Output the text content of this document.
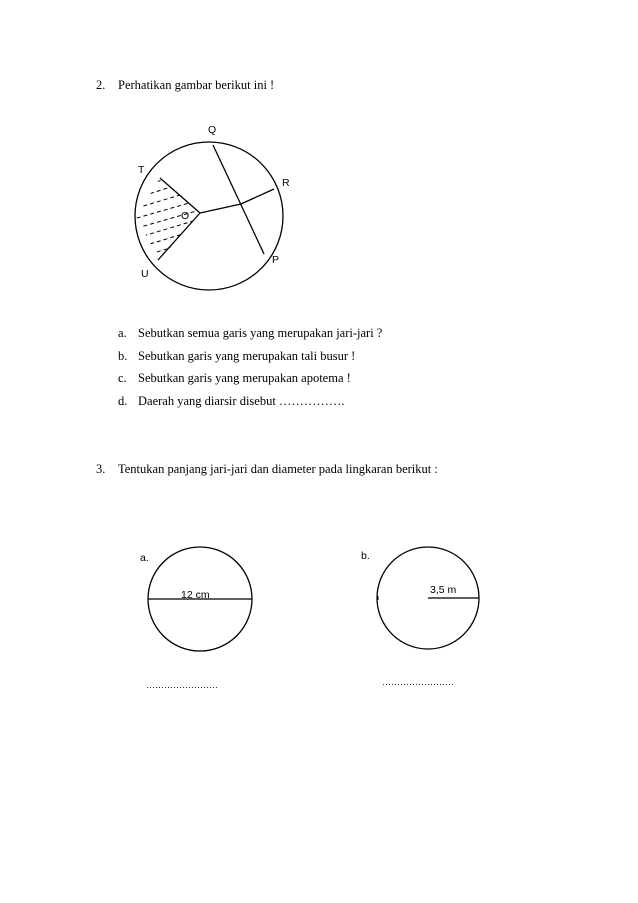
2. Perhatikan gambar berikut ini !
Q
T
R
O
P
U
a. Sebutkan semua garis yang merupakan jari-jari ?
b. Sebutkan garis yang merupakan tali busur !
c. Sebutkan garis yang merupakan apotema !
d. Daerah yang diarsir disebut …………….
3. Tentukan panjang jari-jari dan diameter pada lingkaran berikut :
a.
12 cm
……………………
b.
3,5 m
……………………
